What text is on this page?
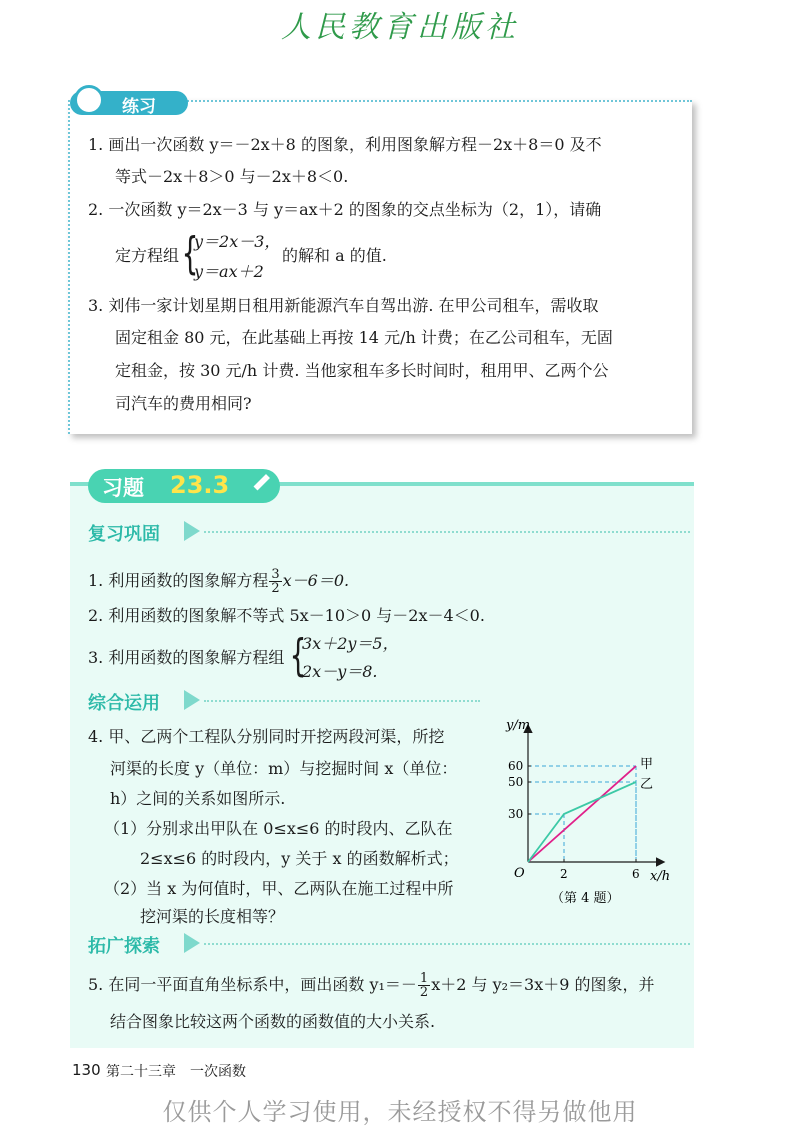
人民教育出版社
练习
1. 画出一次函数 y＝－2x＋8 的图象，利用图象解方程－2x＋8＝0 及不
等式－2x＋8＞0 与－2x＋8＜0.
2. 一次函数 y＝2x－3 与 y＝ax＋2 的图象的交点坐标为（2，1），请确
定方程组 {
y＝2x－3，
y＝ax＋2
的解和 a 的值.
3. 刘伟一家计划星期日租用新能源汽车自驾出游. 在甲公司租车，需收取
固定租金 80 元，在此基础上再按 14 元/h 计费；在乙公司租车，无固
定租金，按 30 元/h 计费. 当他家租车多长时间时，租用甲、乙两个公
司汽车的费用相同?
习题 23.3
复习巩固
1. 利用函数的图象解方程 $\frac{3}{2} x-6=0$.
2. 利用函数的图象解不等式 5x－10＞0 与－2x－4＜0.
3. 利用函数的图象解方程组 {
3x＋2y＝5，
2x－y＝8.
综合运用
4. 甲、乙两个工程队分别同时开挖两段河渠，所挖
河渠的长度 y（单位：m）与挖掘时间 x（单位：
h）之间的关系如图所示.
（1）分别求出甲队在 0≤x≤6 的时段内、乙队在
2≤x≤6 的时段内，y 关于 x 的函数解析式；
（2）当 x 为何值时，甲、乙两队在施工过程中所
挖河渠的长度相等？
甲
乙
2	6
30
50
60
y/m
x/h
O
（第 4 题）
拓广探索
5. 在同一平面直角坐标系中，画出函数 $y_1=- \frac{1}{2} x+2$ 与 y₂＝3x＋9 的图象，并
结合图象比较这两个函数的函数值的大小关系.
130 第二十三章　一次函数
仅供个人学习使用，未经授权不得另做他用
